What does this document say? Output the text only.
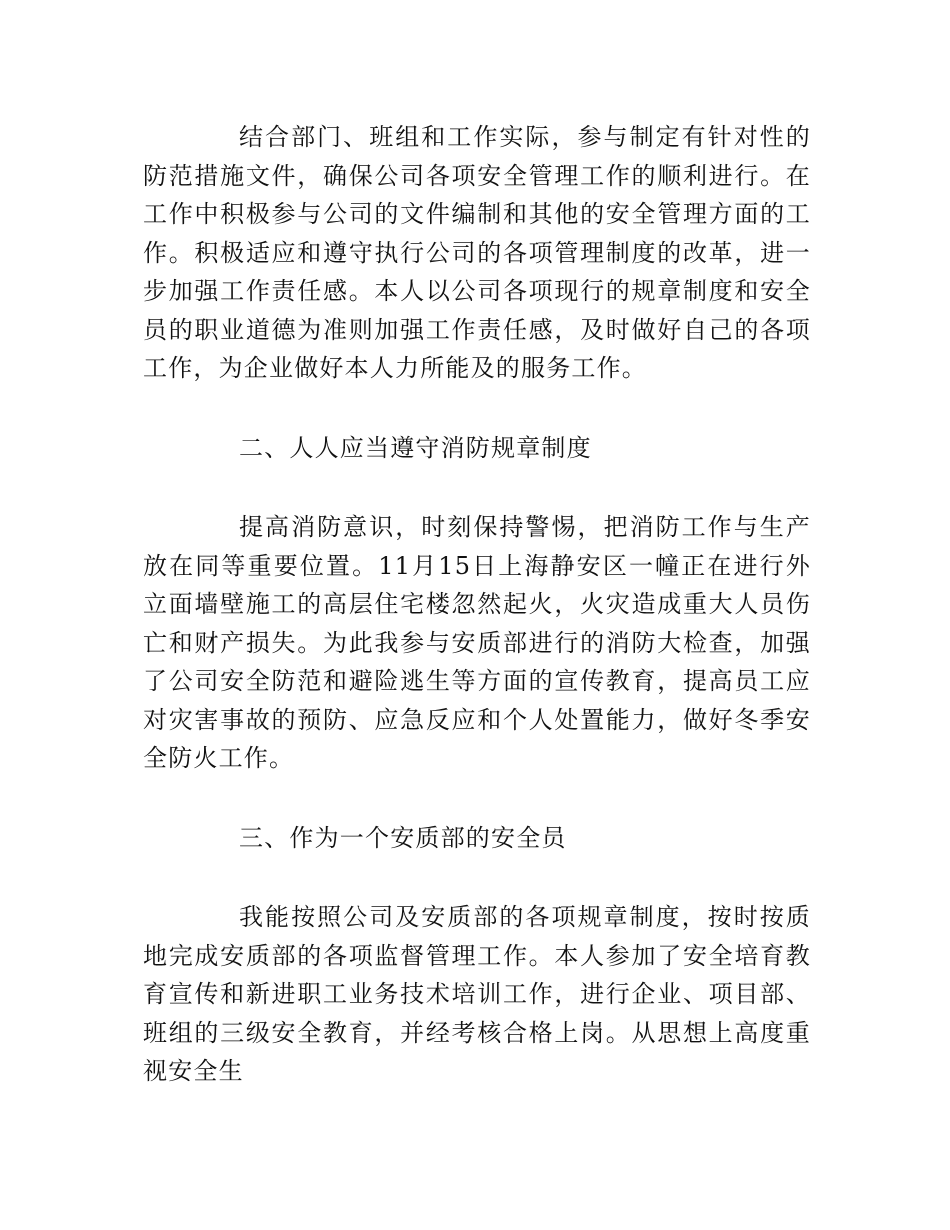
结合部门、班组和工作实际，参与制定有针对性的防范措施文件，确保公司各项安全管理工作的顺利进行。在工作中积极参与公司的文件编制和其他的安全管理方面的工作。积极适应和遵守执行公司的各项管理制度的改革，进一步加强工作责任感。本人以公司各项现行的规章制度和安全员的职业道德为准则加强工作责任感，及时做好自己的各项工作，为企业做好本人力所能及的服务工作。

二、人人应当遵守消防规章制度

提高消防意识，时刻保持警惕，把消防工作与生产放在同等重要位置。11月15日上海静安区一幢正在进行外立面墙壁施工的高层住宅楼忽然起火，火灾造成重大人员伤亡和财产损失。为此我参与安质部进行的消防大检查，加强了公司安全防范和避险逃生等方面的宣传教育，提高员工应对灾害事故的预防、应急反应和个人处置能力，做好冬季安全防火工作。

三、作为一个安质部的安全员

我能按照公司及安质部的各项规章制度，按时按质地完成安质部的各项监督管理工作。本人参加了安全培育教育宣传和新进职工业务技术培训工作，进行企业、项目部、班组的三级安全教育，并经考核合格上岗。从思想上高度重视安全生
